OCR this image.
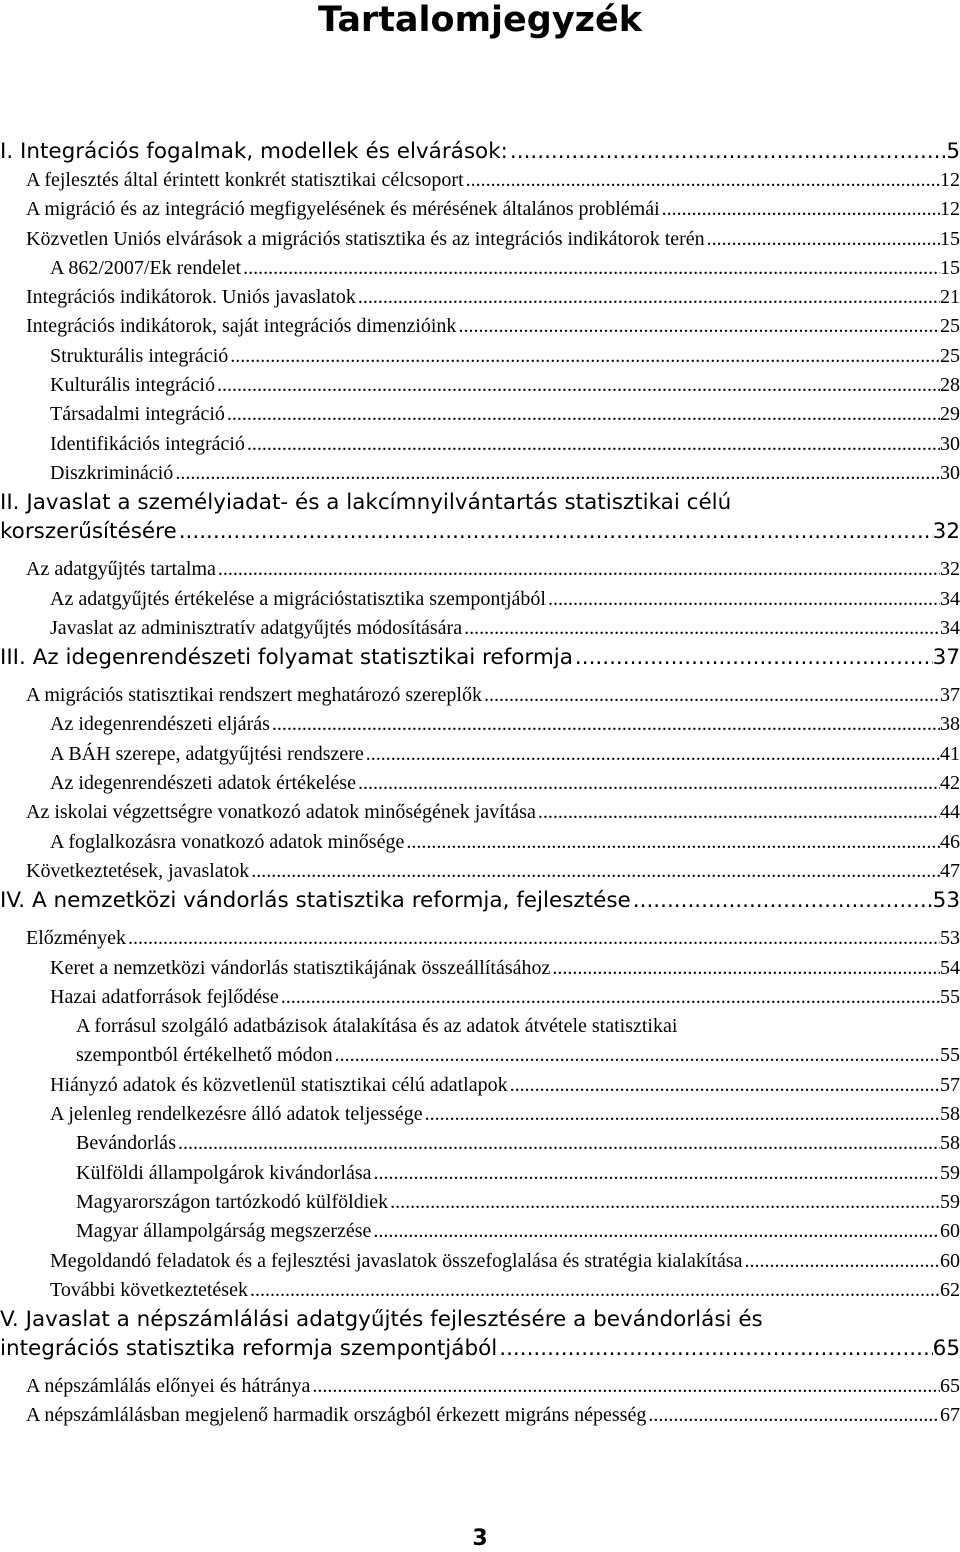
Tartalomjegyzék
I. Integrációs fogalmak, modellek és elvárások: .....	5
A fejlesztés által érintett konkrét statisztikai célcsoport .....	12
A migráció és az integráció megfigyelésének és mérésének általános problémái .....	12
Közvetlen Uniós elvárások a migrációs statisztika és az integrációs indikátorok terén .....	15
A 862/2007/Ek rendelet .....	15
Integrációs indikátorok. Uniós javaslatok .....	21
Integrációs indikátorok, saját integrációs dimenzióink .....	25
Strukturális integráció .....	25
Kulturális integráció .....	28
Társadalmi integráció .....	29
Identifikációs integráció .....	30
Diszkrimináció .....	30
II. Javaslat a személyiadat- és a lakcímnyilvántartás statisztikai célú
korszerűsítésére .....	32
Az adatgyűjtés tartalma .....	32
Az adatgyűjtés értékelése a migrációstatisztika szempontjából .....	34
Javaslat az adminisztratív adatgyűjtés módosítására .....	34
III. Az idegenrendészeti folyamat statisztikai reformja .....	37
A migrációs statisztikai rendszert meghatározó szereplők .....	37
Az idegenrendészeti eljárás .....	38
A BÁH szerepe, adatgyűjtési rendszere .....	41
Az idegenrendészeti adatok értékelése .....	42
Az iskolai végzettségre vonatkozó adatok minőségének javítása .....	44
A foglalkozásra vonatkozó adatok minősége .....	46
Következtetések, javaslatok .....	47
IV. A nemzetközi vándorlás statisztika reformja, fejlesztése .....	53
Előzmények .....	53
Keret a nemzetközi vándorlás statisztikájának összeállításához .....	54
Hazai adatforrások fejlődése .....	55
A forrásul szolgáló adatbázisok átalakítása és az adatok átvétele statisztikai
szempontból értékelhető módon .....	55
Hiányzó adatok és közvetlenül statisztikai célú adatlapok .....	57
A jelenleg rendelkezésre álló adatok teljessége .....	58
Bevándorlás .....	58
Külföldi állampolgárok kivándorlása .....	59
Magyarországon tartózkodó külföldiek .....	59
Magyar állampolgárság megszerzése .....	60
Megoldandó feladatok és a fejlesztési javaslatok összefoglalása és stratégia kialakítása .....	60
További következtetések .....	62
V. Javaslat a népszámlálási adatgyűjtés fejlesztésére a bevándorlási és
integrációs statisztika reformja szempontjából .....	65
A népszámlálás előnyei és hátránya .....	65
A népszámlálásban megjelenő harmadik országból érkezett migráns népesség .....	67
3
